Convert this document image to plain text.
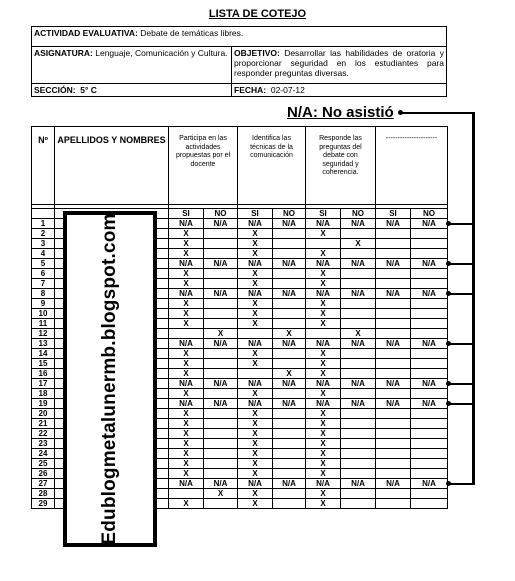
LISTA DE COTEJO
ACTIVIDAD EVALUATIVA: Debate de temáticas libres.	
ASIGNATURA: Lenguaje, Comunicación y Cultura.	OBJETIVO: Desarrollar las habilidades de oratoria y proporcionar seguridad en los estudiantes para responder preguntas diversas.
SECCIÓN: 5° C	FECHA: 02-07-12
N/A: No asistió
Nº	APELLIDOS Y NOMBRES	Participa en las actividades propuestas por el docente		Identifica las técnicas de la comunicación		Responde las preguntas del debate con seguridad y coherencia.		----------------------	

		SI	NO	SI	NO	SI	NO	SI	NO
1		N/A	N/A	N/A	N/A	N/A	N/A	N/A	N/A
2		X		X		X			
3		X		X			X		
4		X		X		X			
5		N/A	N/A	N/A	N/A	N/A	N/A	N/A	N/A
6		X		X		X			
7		X		X		X			
8		N/A	N/A	N/A	N/A	N/A	N/A	N/A	N/A
9		X		X		X			
10		X		X		X			
11		X		X		X			
12			X		X		X		
13		N/A	N/A	N/A	N/A	N/A	N/A	N/A	N/A
14		X		X		X			
15		X		X		X			
16		X			X	X			
17		N/A	N/A	N/A	N/A	N/A	N/A	N/A	N/A
18		X		X		X			
19		N/A	N/A	N/A	N/A	N/A	N/A	N/A	N/A
20		X		X		X			
21		X		X		X			
22		X		X		X			
23		X		X		X			
24		X		X		X			
25		X		X		X			
26		X		X		X			
27		N/A	N/A	N/A	N/A	N/A	N/A	N/A	N/A
28			X	X		X			
29		X		X		X			
Edublogmetalunermb.blogspot.com
